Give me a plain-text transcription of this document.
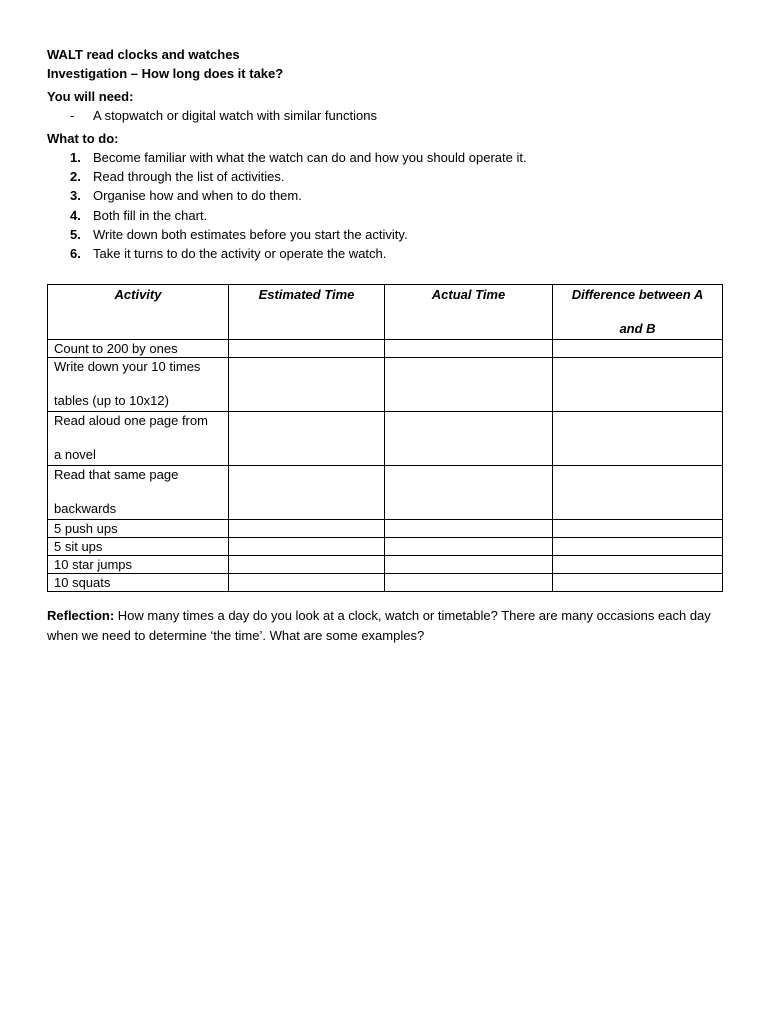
WALT read clocks and watches
Investigation – How long does it take?
You will need:
- A stopwatch or digital watch with similar functions
What to do:
1. Become familiar with what the watch can do and how you should operate it.
2. Read through the list of activities.
3. Organise how and when to do them.
4. Both fill in the chart.
5. Write down both estimates before you start the activity.
6. Take it turns to do the activity or operate the watch.
Activity	Estimated Time	Actual Time	Difference between A
and B

Count to 200 by ones			

Write down your 10 times
tables (up to 10x12)			

Read aloud one page from
a novel			

Read that same page
backwards			

5 push ups			

5 sit ups			

10 star jumps			

10 squats			

Reflection: How many times a day do you look at a clock, watch or timetable? There are many occasions each day when we need to determine ‘the time’. What are some examples?
